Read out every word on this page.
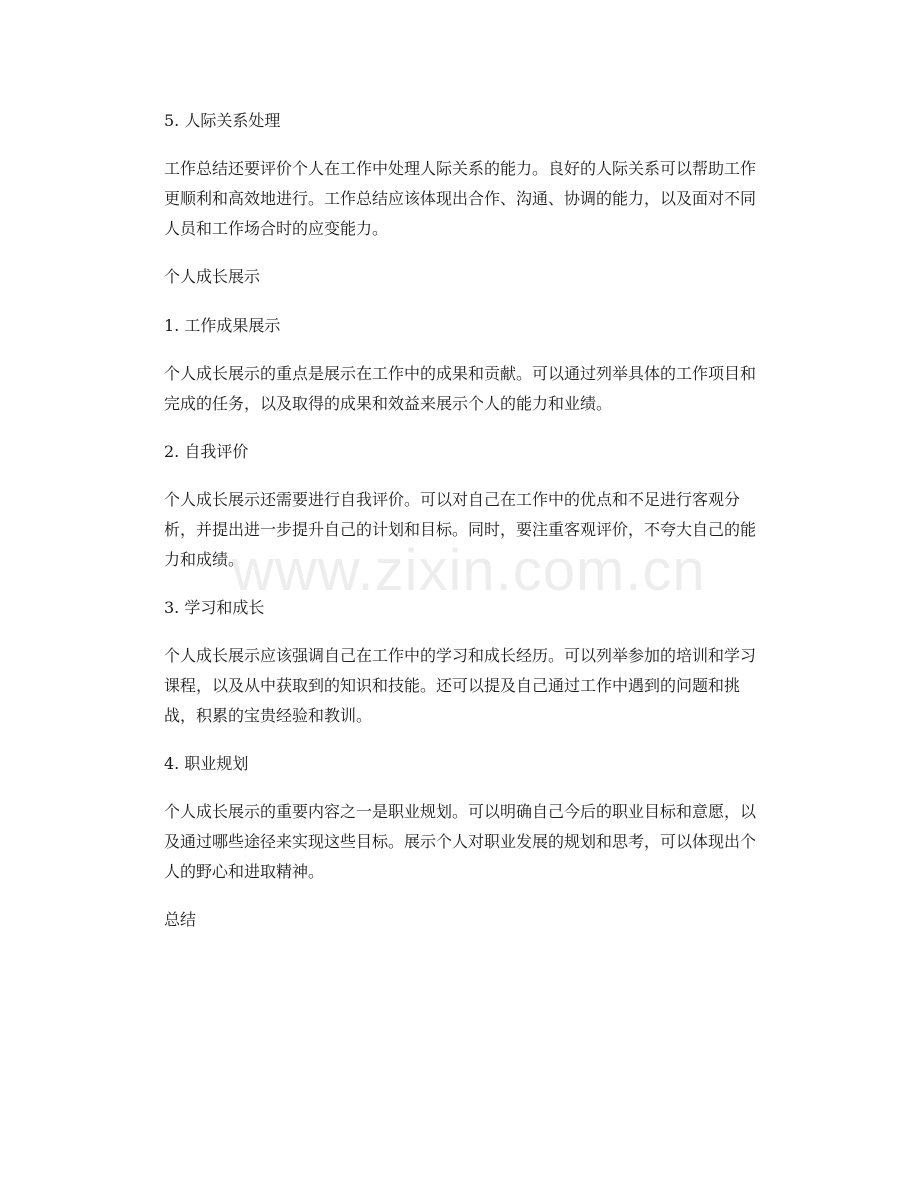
5. 人际关系处理
工作总结还要评价个人在工作中处理人际关系的能力。良好的人际关系可以帮助工作更顺利和高效地进行。工作总结应该体现出合作、沟通、协调的能力，以及面对不同人员和工作场合时的应变能力。
个人成长展示
1. 工作成果展示
个人成长展示的重点是展示在工作中的成果和贡献。可以通过列举具体的工作项目和完成的任务，以及取得的成果和效益来展示个人的能力和业绩。
2. 自我评价
个人成长展示还需要进行自我评价。可以对自己在工作中的优点和不足进行客观分析，并提出进一步提升自己的计划和目标。同时，要注重客观评价，不夸大自己的能力和成绩。
3. 学习和成长
个人成长展示应该强调自己在工作中的学习和成长经历。可以列举参加的培训和学习课程，以及从中获取到的知识和技能。还可以提及自己通过工作中遇到的问题和挑战，积累的宝贵经验和教训。
4. 职业规划
个人成长展示的重要内容之一是职业规划。可以明确自己今后的职业目标和意愿，以及通过哪些途径来实现这些目标。展示个人对职业发展的规划和思考，可以体现出个人的野心和进取精神。
总结
www.zixin.com.cn
